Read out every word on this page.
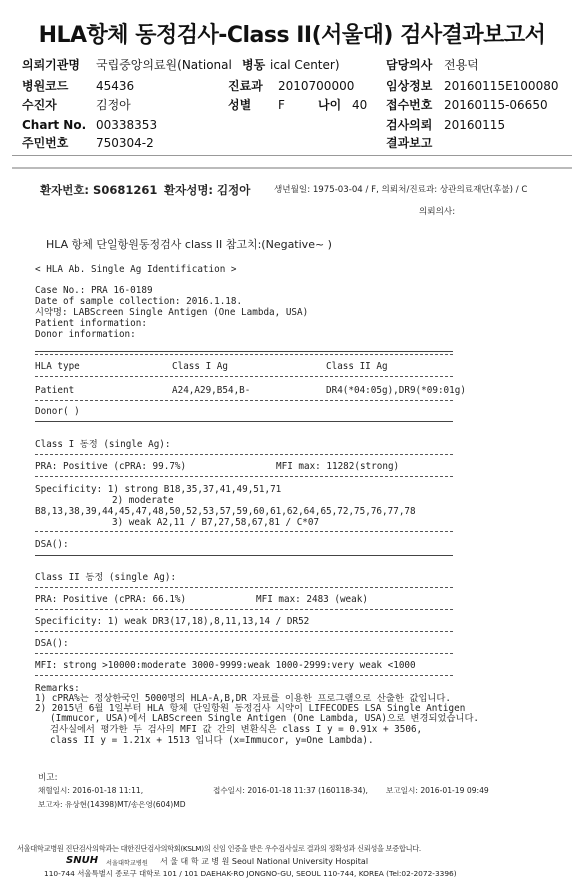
HLA항체 동정검사-Class II(서울대) 검사결과보고서
의뢰기관명 국립중앙의료원(National 병동 ical Center)	담당의사 전용덕
병원코드 45436	진료과 2010700000	임상정보 20160115E100080
수진자	김정아	성별 F	나이 40 접수번호 20160115-06650
Chart No. 00338353	검사의뢰 20160115
주민번호 750304-2	결과보고
환자번호: S0681261 환자성명: 김정아	생년월일: 1975-03-04 / F, 의뢰처/진료과: 상관의료재단(후불) / C
의뢰의사:
HLA 항체 단일항원동정검사 class II 참고치:(Negative~ )
< HLA Ab. Single Ag Identification >
Case No.: PRA 16-0189
Date of sample collection: 2016.1.18.
시약명: LABScreen Single Antigen (One Lambda, USA)
Patient information:
Donor information:
HLA type	Class I Ag	Class II Ag
Patient	A24,A29,B54,B-	DR4(*04:05g),DR9(*09:01g)
Donor( )
Class I 동정 (single Ag):
PRA: Positive (cPRA: 99.7%)	MFI max: 11282(strong)
Specificity: 1) strong B18,35,37,41,49,51,71
2) moderate
B8,13,38,39,44,45,47,48,50,52,53,57,59,60,61,62,64,65,72,75,76,77,78
3) weak A2,11 / B7,27,58,67,81 / C*07
DSA():
Class II 동정 (single Ag):
PRA: Positive (cPRA: 66.1%)	MFI max: 2483 (weak)
Specificity: 1) weak DR3(17,18),8,11,13,14 / DR52
DSA():
MFI: strong >10000:moderate 3000-9999:weak 1000-2999:very weak <1000
Remarks:
1) cPRA%는 정상한국인 5000명의 HLA-A,B,DR 자료를 이용한 프로그램으로 산출한 값입니다.
2) 2015년 6월 1일부터 HLA 항체 단일항원 동정검사 시약이 LIFECODES LSA Single Antigen
(Immucor, USA)에서 LABScreen Single Antigen (One Lambda, USA)으로 변경되었습니다.
검사실에서 평가한 두 검사의 MFI 값 간의 변환식은 class I y = 0.91x + 3506,
class II y = 1.21x + 1513 입니다 (x=Immucor, y=One Lambda).
비고:
채혈일시: 2016-01-18 11:11,	접수일시: 2016-01-18 11:37 (160118-34), 보고일시: 2016-01-19 09:49
보고자: 유상현(14398)MT/송은영(604)MD
서울대학교병원 진단검사의학과는 대한진단검사의학회(KSLM)의 신임 인증을 받은 우수검사실로 결과의 정확성과 신뢰성을 보증합니다.
SNUH 서울대학교병원 서 울 대 학 교 병 원 Seoul National University Hospital
110-744 서울특별시 종로구 대학로 101 / 101 DAEHAK-RO JONGNO-GU, SEOUL 110-744, KOREA (Tel:02-2072-3396)
